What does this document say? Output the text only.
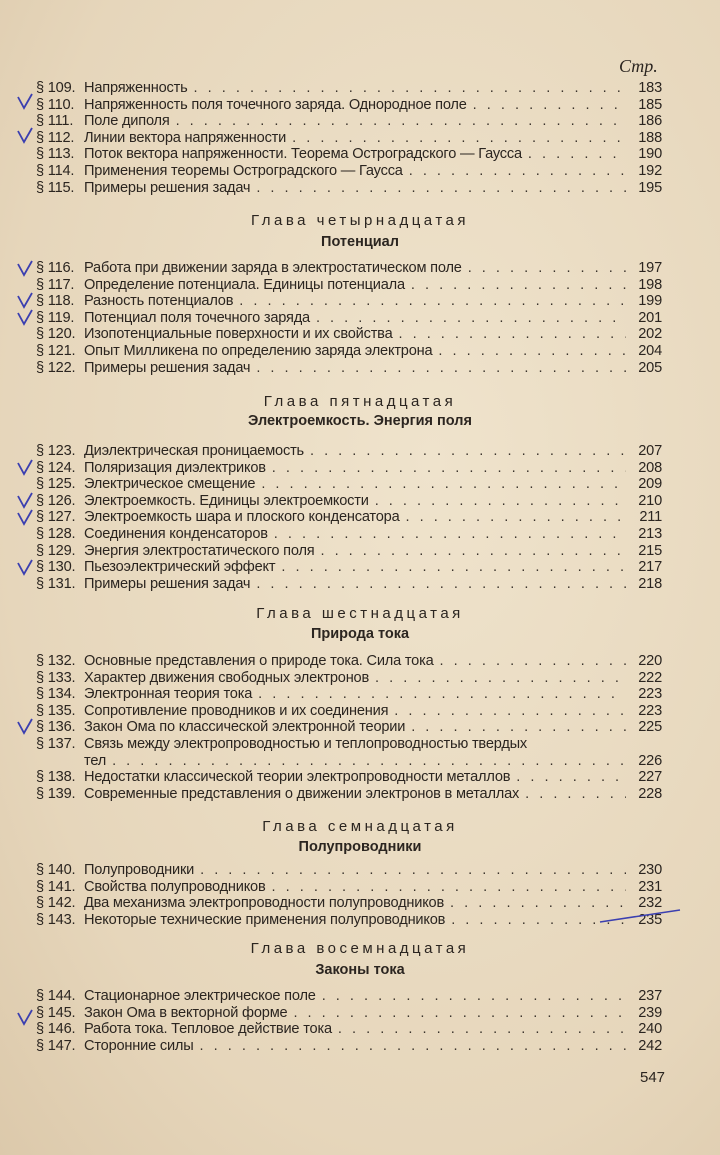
Стр.
§ 109. Напряженность . . .	183
§ 110. Напряженность поля точечного заряда. Однородное поле . . .	185
§ 111. Поле диполя . . .	186
§ 112. Линии вектора напряженности . . .	188
§ 113. Поток вектора напряженности. Теорема Остроградского — Гаусса . . .	190
§ 114. Применения теоремы Остроградского — Гаусса . . .	192
§ 115. Примеры решения задач . . .	195
Глава четырнадцатая
Потенциал
§ 116. Работа при движении заряда в электростатическом поле . . .	197
§ 117. Определение потенциала. Единицы потенциала . . .	198
§ 118. Разность потенциалов . . .	199
§ 119. Потенциал поля точечного заряда . . .	201
§ 120. Изопотенциальные поверхности и их свойства . . .	202
§ 121. Опыт Милликена по определению заряда электрона . . .	204
§ 122. Примеры решения задач . . .	205
Глава пятнадцатая
Электроемкость. Энергия поля
§ 123. Диэлектрическая проницаемость . . .	207
§ 124. Поляризация диэлектриков . . .	208
§ 125. Электрическое смещение . . .	209
§ 126. Электроемкость. Единицы электроемкости . . .	210
§ 127. Электроемкость шара и плоского конденсатора . . .	211
§ 128. Соединения конденсаторов . . .	213
§ 129. Энергия электростатического поля . . .	215
§ 130. Пьезоэлектрический эффект . . .	217
§ 131. Примеры решения задач . . .	218
Глава шестнадцатая
Природа тока
§ 132. Основные представления о природе тока. Сила тока . . .	220
§ 133. Характер движения свободных электронов . . .	222
§ 134. Электронная теория тока . . .	223
§ 135. Сопротивление проводников и их соединения . . .	223
§ 136. Закон Ома по классической электронной теории . . .	225
§ 137. Связь между электропроводностью и теплопроводностью твердых
тел . . .	226
§ 138. Недостатки классической теории электропроводности металлов . . .	227
§ 139. Современные представления о движении электронов в металлах . . .	228
Глава семнадцатая
Полупроводники
§ 140. Полупроводники . . .	230
§ 141. Свойства полупроводников . . .	231
§ 142. Два механизма электропроводности полупроводников . . .	232
§ 143. Некоторые технические применения полупроводников . . .	235
Глава восемнадцатая
Законы тока
§ 144. Стационарное электрическое поле . . .	237
§ 145. Закон Ома в векторной форме . . .	239
§ 146. Работа тока. Тепловое действие тока . . .	240
§ 147. Сторонние силы . . .	242
547
